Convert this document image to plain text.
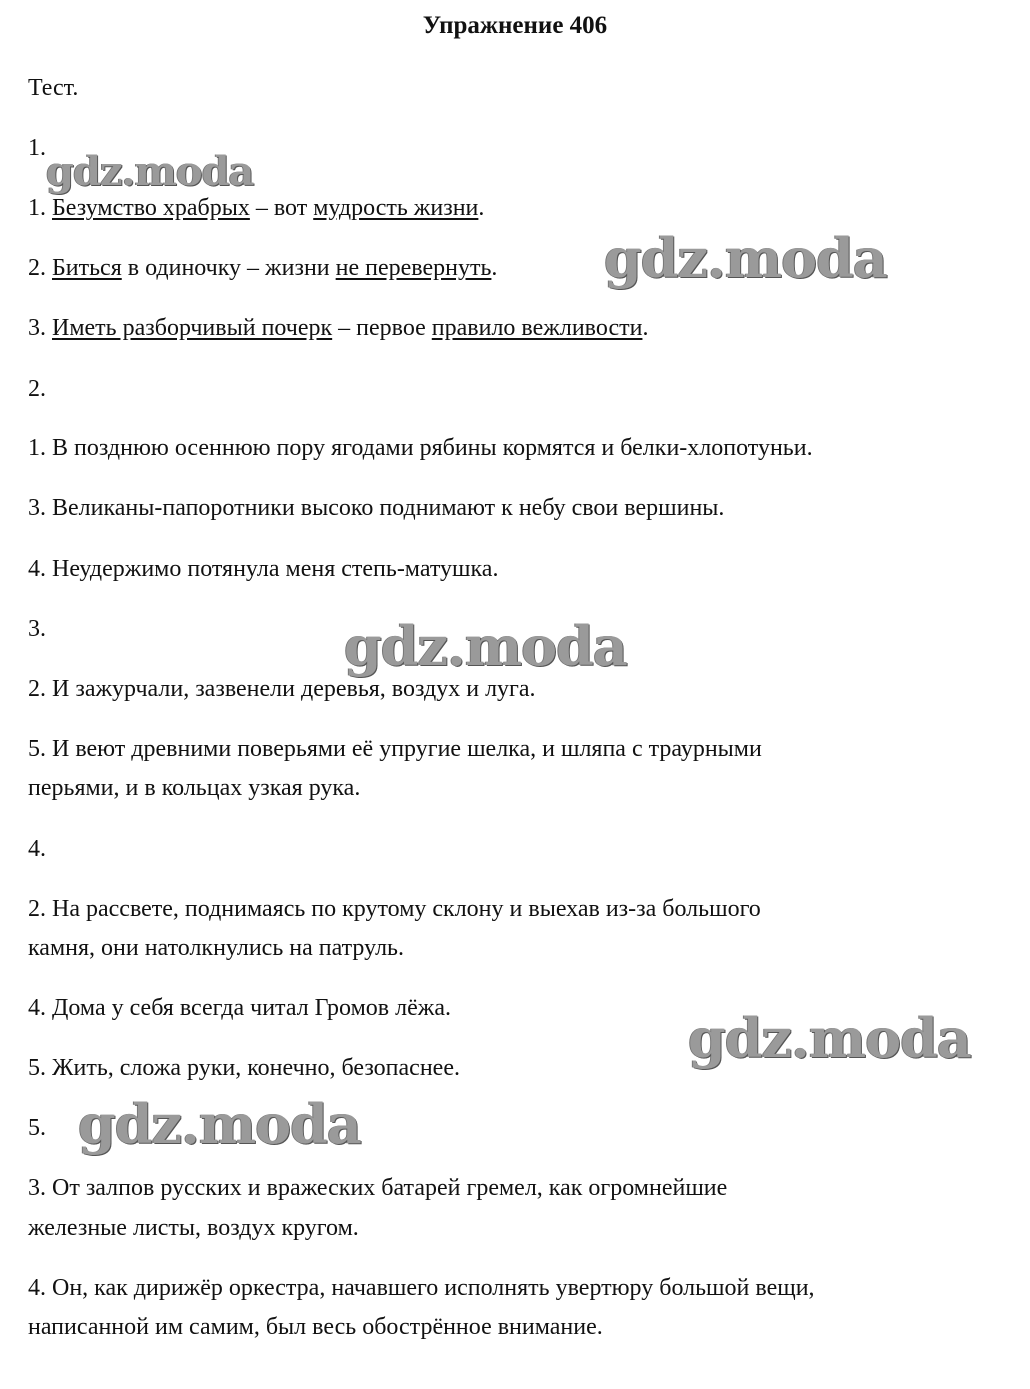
Упражнение 406
Тест.
1.
1. Безумство храбрых – вот мудрость жизни.
2. Биться в одиночку – жизни не перевернуть.
3. Иметь разборчивый почерк – первое правило вежливости.
2.
1. В позднюю осеннюю пору ягодами рябины кормятся и белки-хлопотуньи.
3. Великаны-папоротники высоко поднимают к небу свои вершины.
4. Неудержимо потянула меня степь-матушка.
3.
2. И зажурчали, зазвенели деревья, воздух и луга.
5. И веют древними поверьями её упругие шелка, и шляпа с траурными
перьями, и в кольцах узкая рука.
4.
2. На рассвете, поднимаясь по крутому склону и выехав из-за большого
камня, они натолкнулись на патруль.
4. Дома у себя всегда читал Громов лёжа.
5. Жить, сложа руки, конечно, безопаснее.
5.
3. От залпов русских и вражеских батарей гремел, как огромнейшие
железные листы, воздух кругом.
4. Он, как дирижёр оркестра, начавшего исполнять увертюру большой вещи,
написанной им самим, был весь обострённое внимание.
gdz.moda
gdz.moda
gdz.moda
gdz.moda
gdz.moda
